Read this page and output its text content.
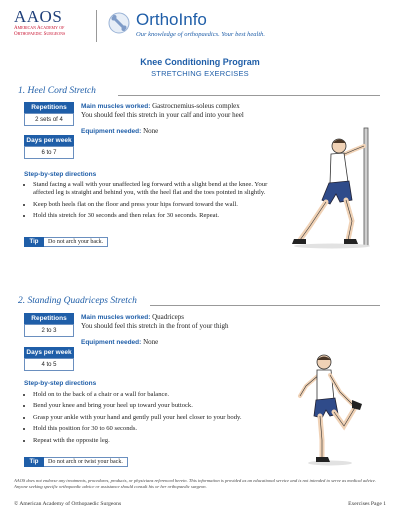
AAOS
American Academy of
Orthopaedic Surgeons
OrthoInfo
Our knowledge of orthopaedics. Your best health.
Knee Conditioning Program
STRETCHING EXERCISES
1. Heel Cord Stretch
Repetitions
2 sets of 4
Days per week
6 to 7
Main muscles worked: Gastrocnemius-soleus complex
You should feel this stretch in your calf and into your heel
Equipment needed: None
Step-by-step directions
• Stand facing a wall with your unaffected leg forward with a slight bend at the knee. Your affected leg is straight and behind you, with the heel flat and the toes pointed in slightly.
• Keep both heels flat on the floor and press your hips forward toward the wall.
• Hold this stretch for 30 seconds and then relax for 30 seconds. Repeat.
Tip	Do not arch your back.
2. Standing Quadriceps Stretch
Repetitions
2 to 3
Days per week
4 to 5
Main muscles worked: Quadriceps
You should feel this stretch in the front of your thigh
Equipment needed: None
Step-by-step directions
• Hold on to the back of a chair or a wall for balance.
• Bend your knee and bring your heel up toward your buttock.
• Grasp your ankle with your hand and gently pull your heel closer to your body.
• Hold this position for 30 to 60 seconds.
• Repeat with the opposite leg.
Tip	Do not arch or twist your back.
AAOS does not endorse any treatments, procedures, products, or physicians referenced herein. This information is provided as an educational service and is not intended to serve as medical advice. Anyone seeking specific orthopaedic advice or assistance should consult his or her orthopaedic surgeon.
© American Academy of Orthopaedic Surgeons	Exercises Page 1
